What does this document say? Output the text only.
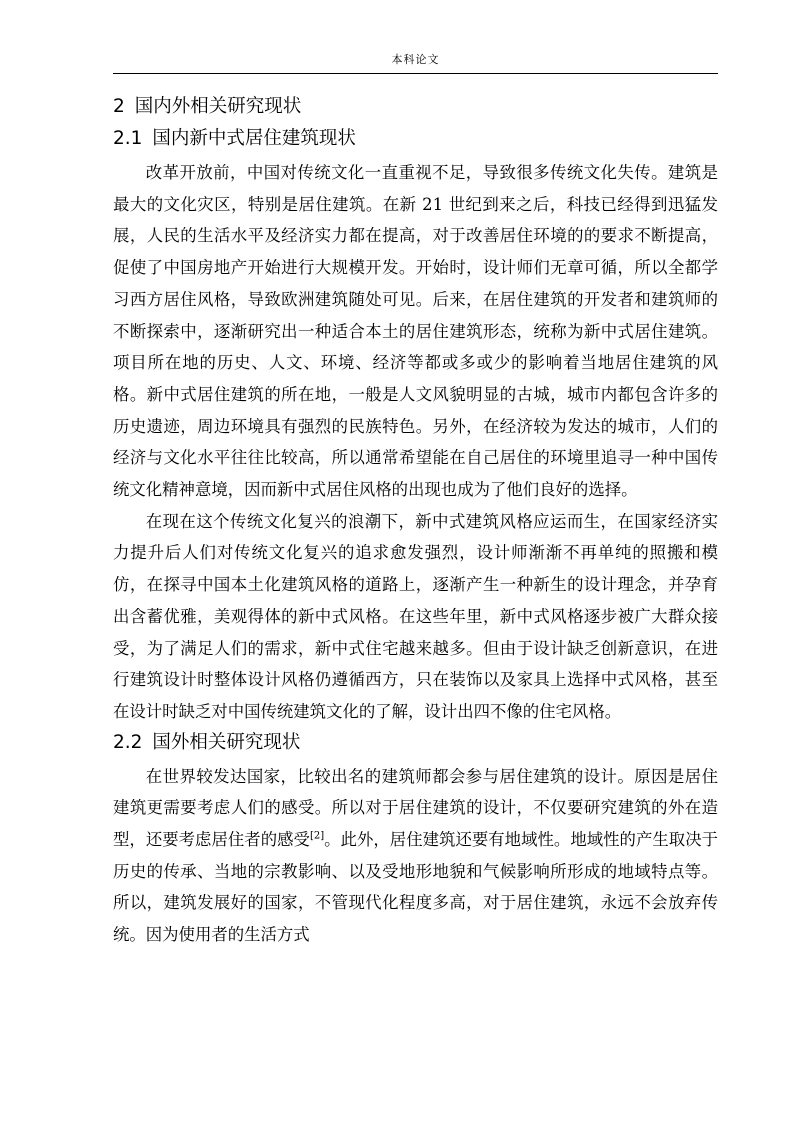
本科论文
2 国内外相关研究现状
2.1 国内新中式居住建筑现状

改革开放前，中国对传统文化一直重视不足，导致很多传统文化失传。建筑是最大的文化灾区，特别是居住建筑。在新 21 世纪到来之后，科技已经得到迅猛发展，人民的生活水平及经济实力都在提高，对于改善居住环境的的要求不断提高，促使了中国房地产开始进行大规模开发。开始时，设计师们无章可循，所以全都学习西方居住风格，导致欧洲建筑随处可见。后来，在居住建筑的开发者和建筑师的不断探索中，逐渐研究出一种适合本土的居住建筑形态，统称为新中式居住建筑。项目所在地的历史、人文、环境、经济等都或多或少的影响着当地居住建筑的风格。新中式居住建筑的所在地，一般是人文风貌明显的古城，城市内都包含许多的历史遗迹，周边环境具有强烈的民族特色。另外，在经济较为发达的城市，人们的经济与文化水平往往比较高，所以通常希望能在自己居住的环境里追寻一种中国传统文化精神意境，因而新中式居住风格的出现也成为了他们良好的选择。

在现在这个传统文化复兴的浪潮下，新中式建筑风格应运而生，在国家经济实力提升后人们对传统文化复兴的追求愈发强烈，设计师渐渐不再单纯的照搬和模仿，在探寻中国本土化建筑风格的道路上，逐渐产生一种新生的设计理念，并孕育出含蓄优雅，美观得体的新中式风格。在这些年里，新中式风格逐步被广大群众接受，为了满足人们的需求，新中式住宅越来越多。但由于设计缺乏创新意识，在进行建筑设计时整体设计风格仍遵循西方，只在装饰以及家具上选择中式风格，甚至在设计时缺乏对中国传统建筑文化的了解，设计出四不像的住宅风格。

2.2 国外相关研究现状

在世界较发达国家，比较出名的建筑师都会参与居住建筑的设计。原因是居住建筑更需要考虑人们的感受。所以对于居住建筑的设计，不仅要研究建筑的外在造型，还要考虑居住者的感受[2]。此外，居住建筑还要有地域性。地域性的产生取决于历史的传承、当地的宗教影响、以及受地形地貌和气候影响所形成的地域特点等。所以，建筑发展好的国家，不管现代化程度多高，对于居住建筑，永远不会放弃传统。因为使用者的生活方式
